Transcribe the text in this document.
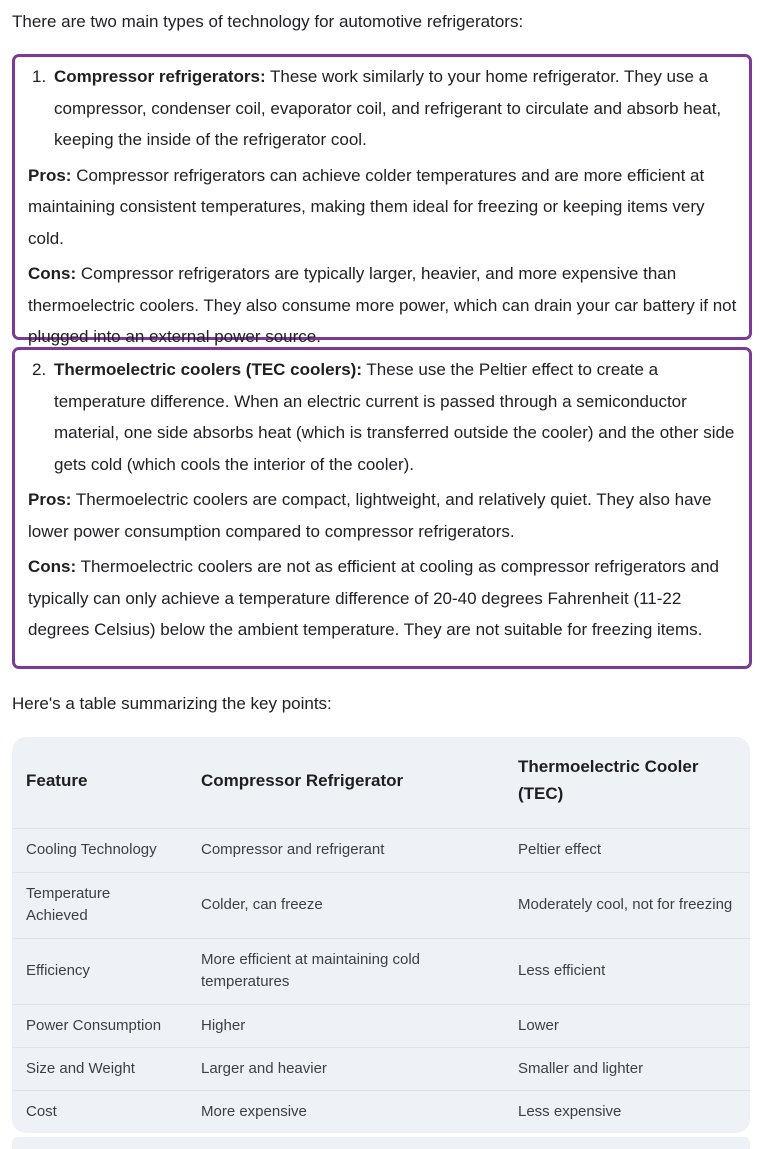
There are two main types of technology for automotive refrigerators:

1. Compressor refrigerators: These work similarly to your home refrigerator. They use a compressor, condenser coil, evaporator coil, and refrigerant to circulate and absorb heat, keeping the inside of the refrigerator cool.

Pros: Compressor refrigerators can achieve colder temperatures and are more efficient at maintaining consistent temperatures, making them ideal for freezing or keeping items very cold.

Cons: Compressor refrigerators are typically larger, heavier, and more expensive than thermoelectric coolers. They also consume more power, which can drain your car battery if not plugged into an external power source.

2. Thermoelectric coolers (TEC coolers): These use the Peltier effect to create a temperature difference. When an electric current is passed through a semiconductor material, one side absorbs heat (which is transferred outside the cooler) and the other side gets cold (which cools the interior of the cooler).

Pros: Thermoelectric coolers are compact, lightweight, and relatively quiet. They also have lower power consumption compared to compressor refrigerators.

Cons: Thermoelectric coolers are not as efficient at cooling as compressor refrigerators and typically can only achieve a temperature difference of 20-40 degrees Fahrenheit (11-22 degrees Celsius) below the ambient temperature. They are not suitable for freezing items.

Here's a table summarizing the key points:

Feature	Compressor Refrigerator	Thermoelectric Cooler (TEC)
Cooling Technology	Compressor and refrigerant	Peltier effect
Temperature Achieved	Colder, can freeze	Moderately cool, not for freezing
Efficiency	More efficient at maintaining cold temperatures	Less efficient
Power Consumption	Higher	Lower
Size and Weight	Larger and heavier	Smaller and lighter
Cost	More expensive	Less expensive
